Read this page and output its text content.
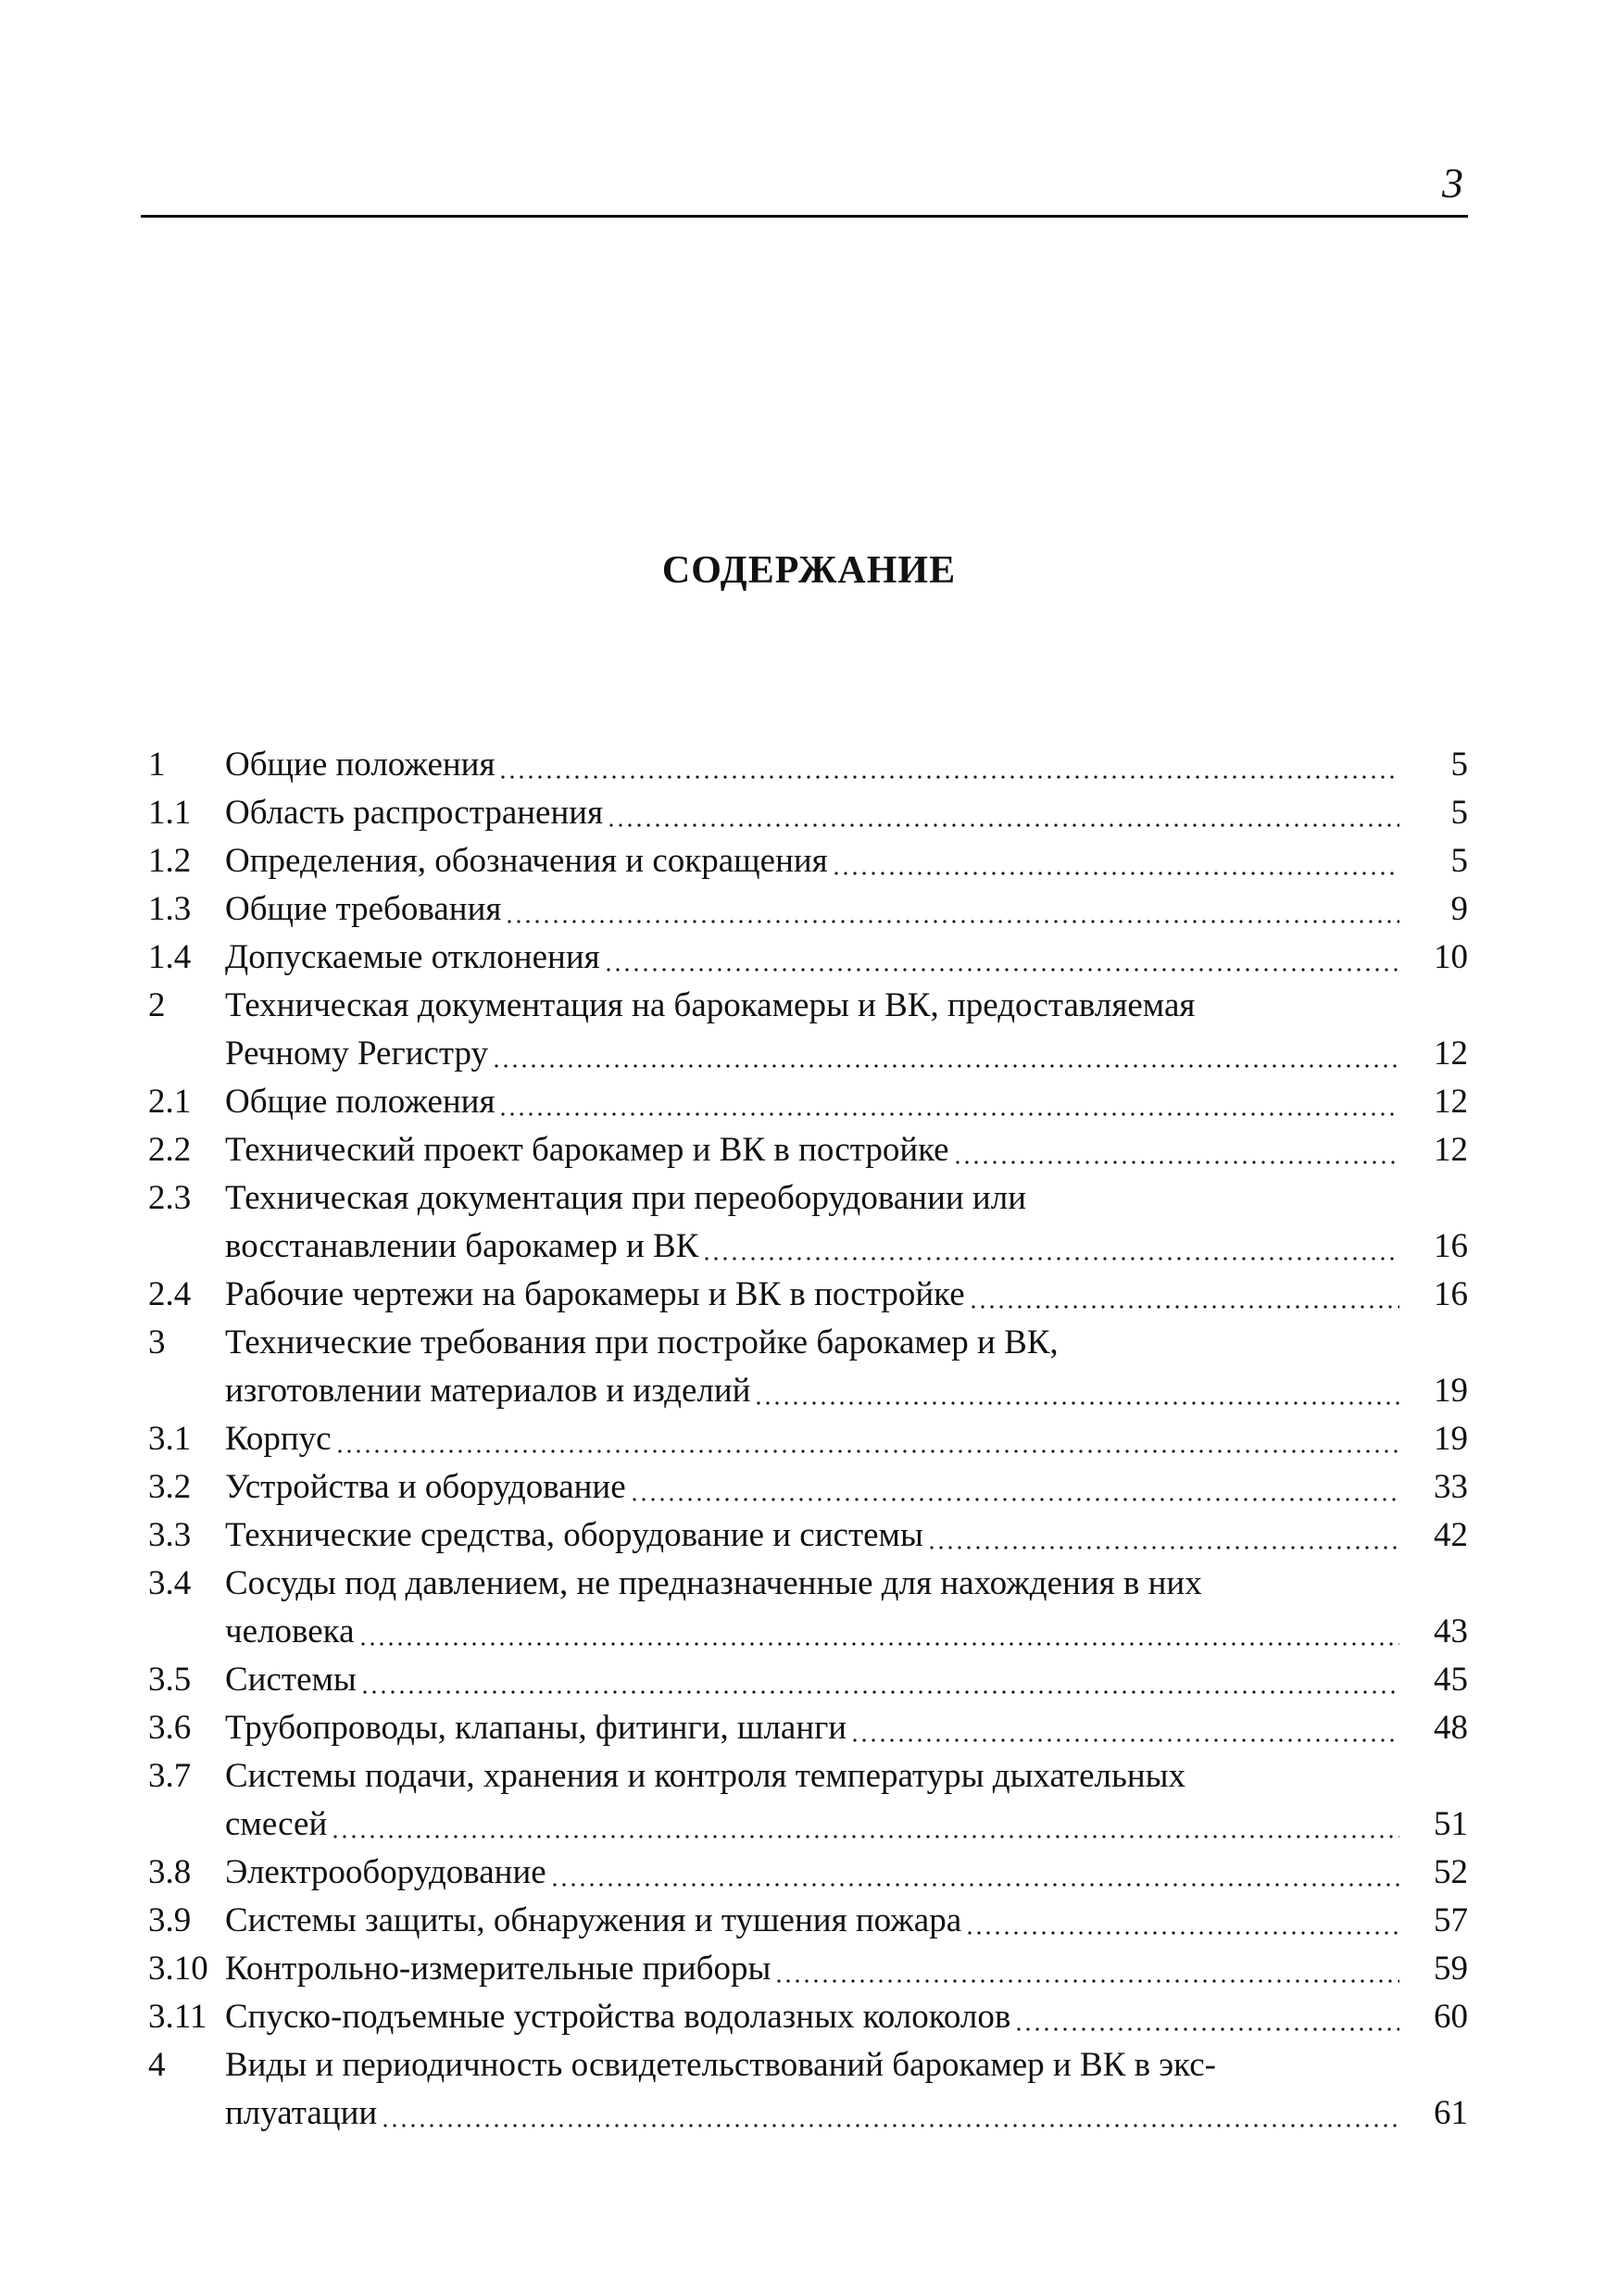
3
СОДЕРЖАНИЕ
1	Общие положения	5
1.1 Область распространения	5
1.2 Определения, обозначения и сокращения	5
1.3 Общие требования	9
1.4 Допускаемые отклонения	10
2	Техническая документация на барокамеры и ВК, предоставляемая
Речному Регистру	12
2.1 Общие положения	12
2.2 Технический проект барокамер и ВК в постройке	12
2.3 Техническая документация при переоборудовании или
восстанавлении барокамер и ВК	16
2.4 Рабочие чертежи на барокамеры и ВК в постройке	16
3	Технические требования при постройке барокамер и ВК,
изготовлении материалов и изделий	19
3.1 Корпус	19
3.2 Устройства и оборудование	33
3.3 Технические средства, оборудование и системы	42
3.4 Сосуды под давлением, не предназначенные для нахождения в них
человека	43
3.5 Системы	45
3.6 Трубопроводы, клапаны, фитинги, шланги	48
3.7 Системы подачи, хранения и контроля температуры дыхательных
смесей	51
3.8 Электрооборудование	52
3.9 Системы защиты, обнаружения и тушения пожара	57
3.10 Контрольно-измерительные приборы	59
3.11 Спуско-подъемные устройства водолазных колоколов	60
4	Виды и периодичность освидетельствований барокамер и ВК в экс-
плуатации	61
